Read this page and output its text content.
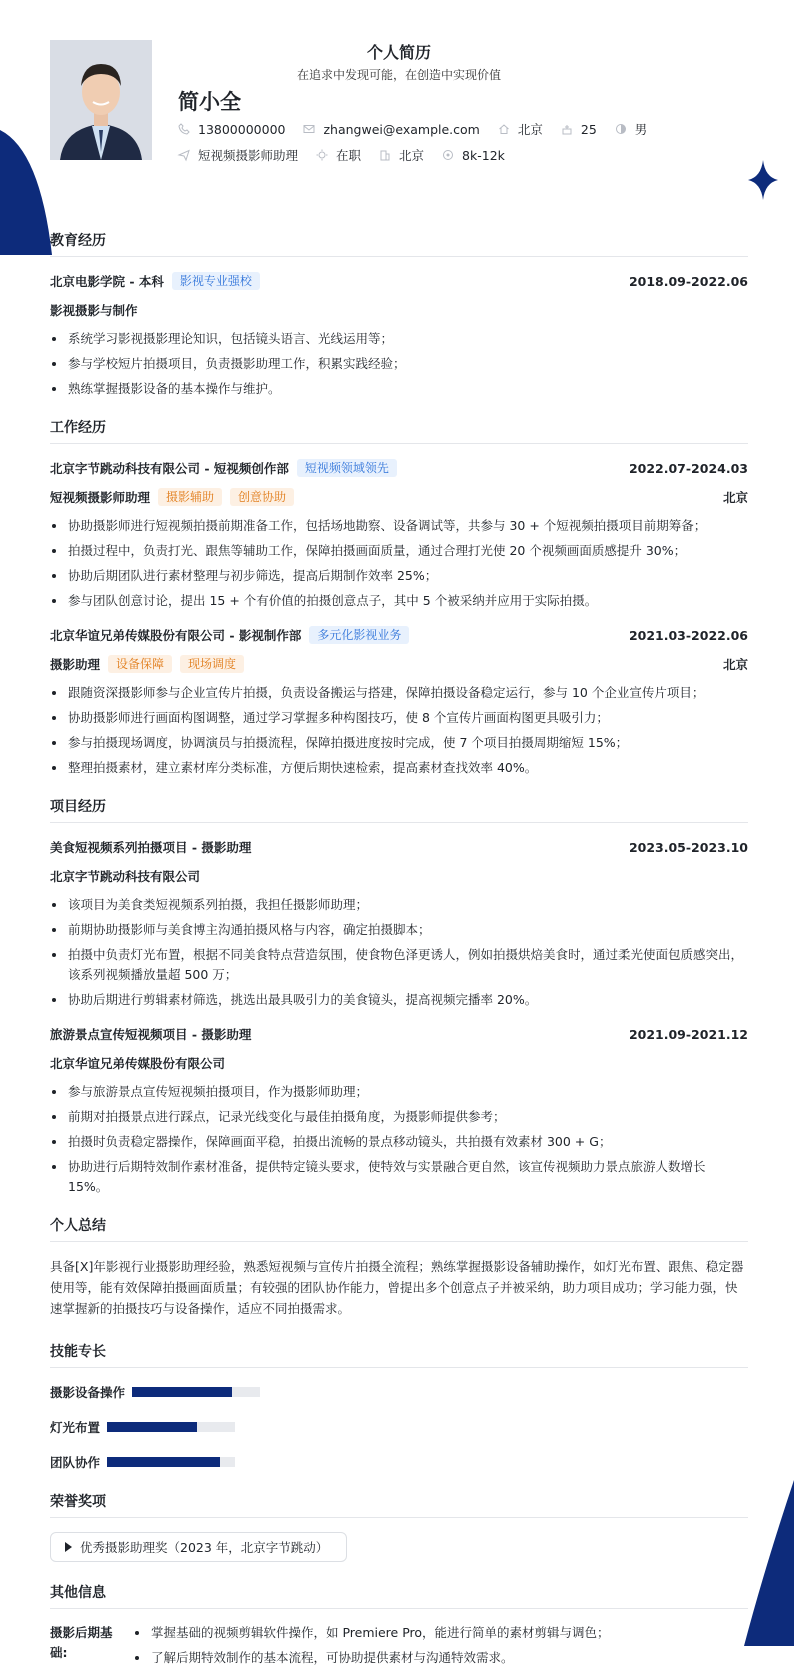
个人简历
在追求中发现可能，在创造中实现价值
简小全
13800000000	zhangwei@example.com	北京	25	男
短视频摄影师助理	在职	北京	8k-12k
教育经历
北京电影学院 - 本科	影视专业强校	2018.09-2022.06
影视摄影与制作
系统学习影视摄影理论知识，包括镜头语言、光线运用等；
参与学校短片拍摄项目，负责摄影助理工作，积累实践经验；
熟练掌握摄影设备的基本操作与维护。
工作经历
北京字节跳动科技有限公司 - 短视频创作部	短视频领域领先	2022.07-2024.03
短视频摄影师助理	摄影辅助	创意协助	北京
协助摄影师进行短视频拍摄前期准备工作，包括场地勘察、设备调试等，共参与 30 + 个短视频拍摄项目前期筹备；
拍摄过程中，负责打光、跟焦等辅助工作，保障拍摄画面质量，通过合理打光使 20 个视频画面质感提升 30%；
协助后期团队进行素材整理与初步筛选，提高后期制作效率 25%；
参与团队创意讨论，提出 15 + 个有价值的拍摄创意点子，其中 5 个被采纳并应用于实际拍摄。
北京华谊兄弟传媒股份有限公司 - 影视制作部	多元化影视业务	2021.03-2022.06
摄影助理	设备保障	现场调度	北京
跟随资深摄影师参与企业宣传片拍摄，负责设备搬运与搭建，保障拍摄设备稳定运行，参与 10 个企业宣传片项目；
协助摄影师进行画面构图调整，通过学习掌握多种构图技巧，使 8 个宣传片画面构图更具吸引力；
参与拍摄现场调度，协调演员与拍摄流程，保障拍摄进度按时完成，使 7 个项目拍摄周期缩短 15%；
整理拍摄素材，建立素材库分类标准，方便后期快速检索，提高素材查找效率 40%。
项目经历
美食短视频系列拍摄项目 - 摄影助理	2023.05-2023.10
北京字节跳动科技有限公司
该项目为美食类短视频系列拍摄，我担任摄影师助理；
前期协助摄影师与美食博主沟通拍摄风格与内容，确定拍摄脚本；
拍摄中负责灯光布置，根据不同美食特点营造氛围，使食物色泽更诱人，例如拍摄烘焙美食时，通过柔光使面包质感突出，该系列视频播放量超 500 万；
协助后期进行剪辑素材筛选，挑选出最具吸引力的美食镜头，提高视频完播率 20%。
旅游景点宣传短视频项目 - 摄影助理	2021.09-2021.12
北京华谊兄弟传媒股份有限公司
参与旅游景点宣传短视频拍摄项目，作为摄影师助理；
前期对拍摄景点进行踩点，记录光线变化与最佳拍摄角度，为摄影师提供参考；
拍摄时负责稳定器操作，保障画面平稳，拍摄出流畅的景点移动镜头，共拍摄有效素材 300 + G；
协助进行后期特效制作素材准备，提供特定镜头要求，使特效与实景融合更自然，该宣传视频助力景点旅游人数增长 15%。
个人总结

具备[X]年影视行业摄影助理经验，熟悉短视频与宣传片拍摄全流程；熟练掌握摄影设备辅助操作，如灯光布置、跟焦、稳定器使用等，能有效保障拍摄画面质量；有较强的团队协作能力，曾提出多个创意点子并被采纳，助力项目成功；学习能力强，快速掌握新的拍摄技巧与设备操作，适应不同拍摄需求。

技能专长
摄影设备操作
灯光布置
团队协作
荣誉奖项
优秀摄影助理奖（2023 年，北京字节跳动）
其他信息
摄影后期基础:
掌握基础的视频剪辑软件操作，如 Premiere Pro，能进行简单的素材剪辑与调色；
了解后期特效制作的基本流程，可协助提供素材与沟通特效需求。
